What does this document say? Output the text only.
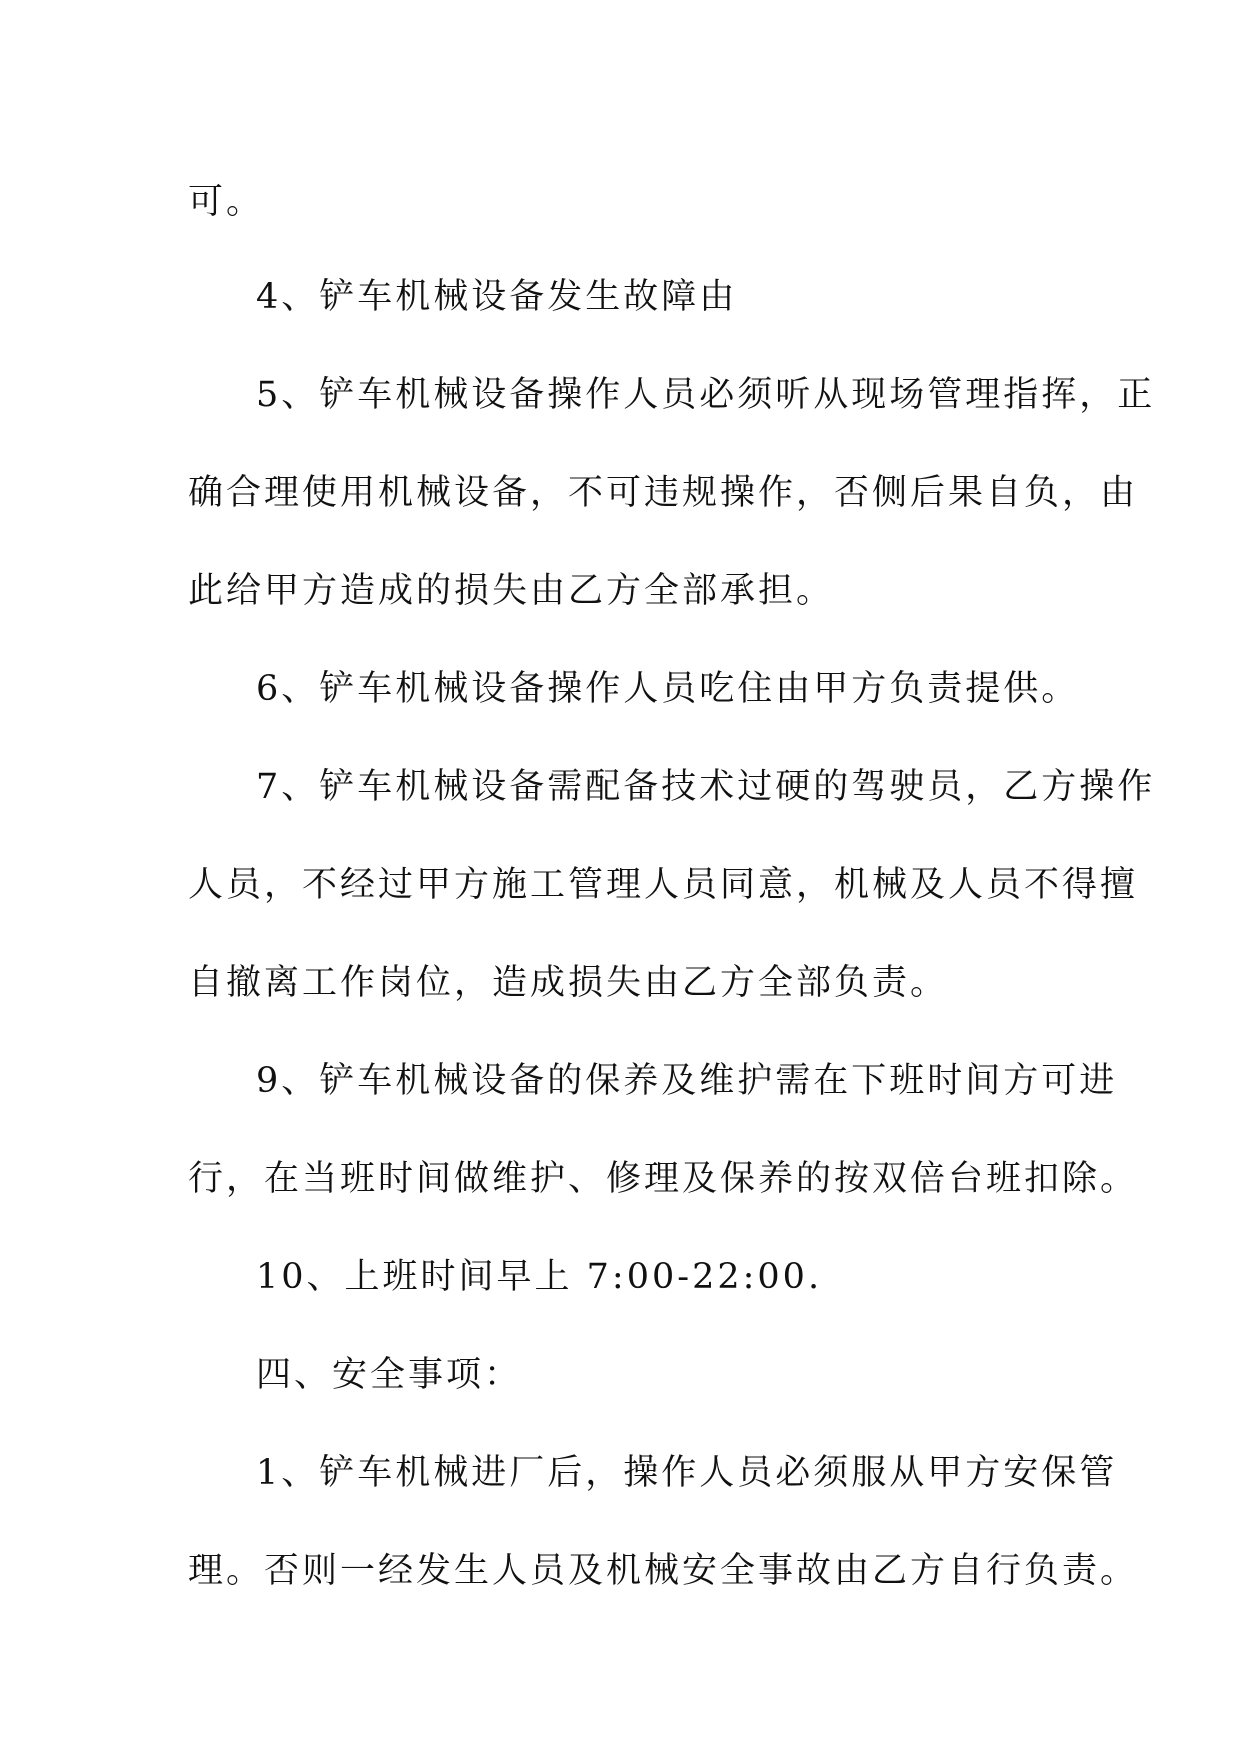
可。
4、铲车机械设备发生故障由
5、铲车机械设备操作人员必须听从现场管理指挥，正
确合理使用机械设备，不可违规操作，否侧后果自负，由
此给甲方造成的损失由乙方全部承担。
6、铲车机械设备操作人员吃住由甲方负责提供。
7、铲车机械设备需配备技术过硬的驾驶员，乙方操作
人员，不经过甲方施工管理人员同意，机械及人员不得擅
自撤离工作岗位，造成损失由乙方全部负责。
9、铲车机械设备的保养及维护需在下班时间方可进
行，在当班时间做维护、修理及保养的按双倍台班扣除。
10、上班时间早上 7:00-22:00.
四、安全事项：
1、铲车机械进厂后，操作人员必须服从甲方安保管
理。否则一经发生人员及机械安全事故由乙方自行负责。
